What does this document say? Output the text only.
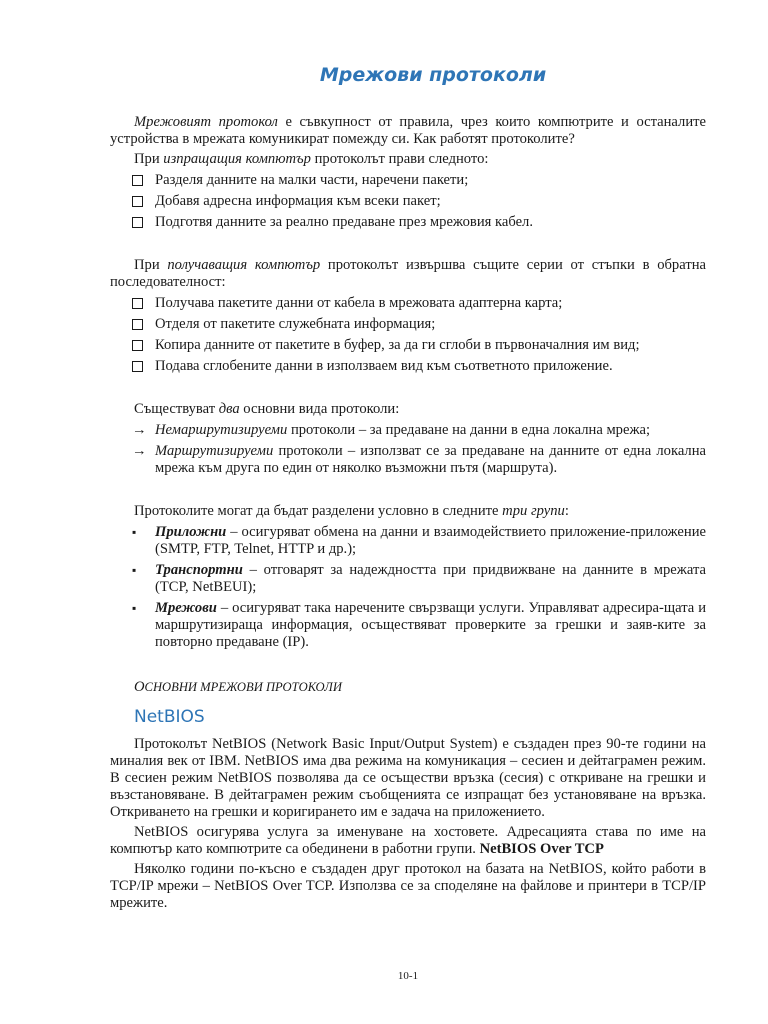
Мрежови протоколи

Мрежовият протокол е съвкупност от правила, чрез които компютрите и останалите устройства в мрежата комуникират помежду си. Как работят протоколите?

При изпращащия компютър протоколът прави следното:

Разделя данните на малки части, наречени пакети;
Добавя адресна информация към всеки пакет;
Подготвя данните за реално предаване през мрежовия кабел.

При получаващия компютър протоколът извършва същите серии от стъпки в обратна последователност:

Получава пакетите данни от кабела в мрежовата адаптерна карта;
Отделя от пакетите служебната информация;
Копира данните от пакетите в буфер, за да ги сглоби в първоначалния им вид;
Подава сглобените данни в използваем вид към съответното приложение.

Съществуват два основни вида протоколи:

→ Немаршрутизируеми протоколи – за предаване на данни в една локална мрежа;
→ Маршрутизируеми протоколи – използват се за предаване на данните от една локална мрежа към друга по един от няколко възможни пътя (маршрута).

Протоколите могат да бъдат разделени условно в следните три групи:

▪ Приложни – осигуряват обмена на данни и взаимодействието приложение-приложение (SMTP, FTP, Telnet, HTTP и др.);
▪ Транспортни – отговарят за надеждността при придвижване на данните в мрежата (TCP, NetBEUI);
▪ Мрежови – осигуряват така наречените свързващи услуги. Управляват адресира-щата и маршрутизираща информация, осъществяват проверките за грешки и заяв-ките за повторно предаване (IP).

ОСНОВНИ МРЕЖОВИ ПРОТОКОЛИ

NetBIOS

Протоколът NetBIOS (Network Basic Input/Output System) е създаден през 90-те години на миналия век от IBM. NetBIOS има два режима на комуникация – сесиен и дейтаграмен режим. В сесиен режим NetBIOS позволява да се осъществи връзка (сесия) с откриване на грешки и възстановяване. В дейтаграмен режим съобщенията се изпращат без установяване на връзка. Откриването на грешки и коригирането им е задача на приложението.

NetBIOS осигурява услуга за именуване на хостовете. Адресацията става по име на компютър като компютрите са обединени в работни групи. NetBIOS Over TCP

Няколко години по-късно е създаден друг протокол на базата на NetBIOS, който работи в TCP/IP мрежи – NetBIOS Over TCP. Използва се за споделяне на файлове и принтери в TCP/IP мрежите.

10-1
